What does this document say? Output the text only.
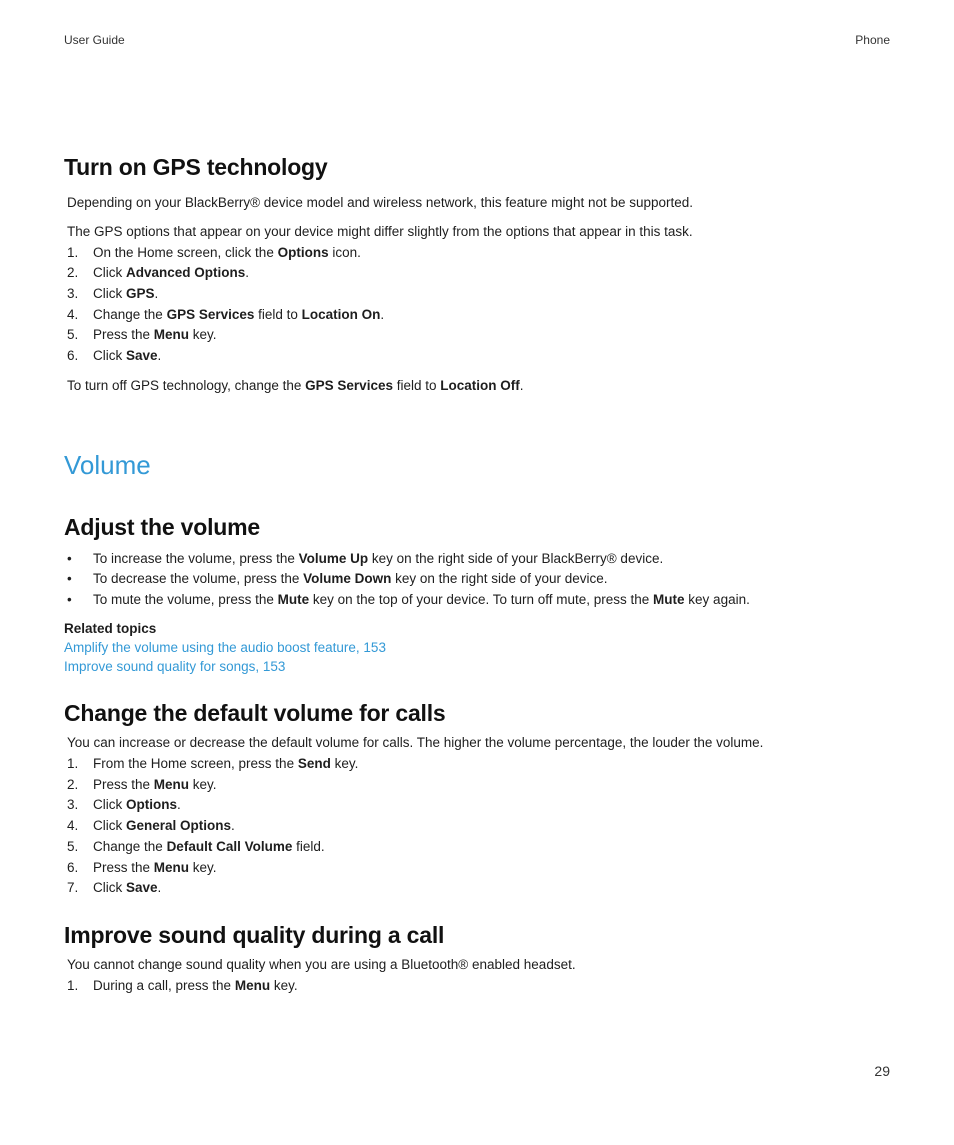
User Guide	Phone
Turn on GPS technology
Depending on your BlackBerry® device model and wireless network, this feature might not be supported.
The GPS options that appear on your device might differ slightly from the options that appear in this task.
1. On the Home screen, click the Options icon.
2. Click Advanced Options.
3. Click GPS.
4. Change the GPS Services field to Location On.
5. Press the Menu key.
6. Click Save.
To turn off GPS technology, change the GPS Services field to Location Off.
Volume
Adjust the volume
• To increase the volume, press the Volume Up key on the right side of your BlackBerry® device.
• To decrease the volume, press the Volume Down key on the right side of your device.
• To mute the volume, press the Mute key on the top of your device. To turn off mute, press the Mute key again.
Related topics
Amplify the volume using the audio boost feature, 153
Improve sound quality for songs, 153
Change the default volume for calls
You can increase or decrease the default volume for calls. The higher the volume percentage, the louder the volume.
1. From the Home screen, press the Send key.
2. Press the Menu key.
3. Click Options.
4. Click General Options.
5. Change the Default Call Volume field.
6. Press the Menu key.
7. Click Save.
Improve sound quality during a call
You cannot change sound quality when you are using a Bluetooth® enabled headset.
1. During a call, press the Menu key.
29
